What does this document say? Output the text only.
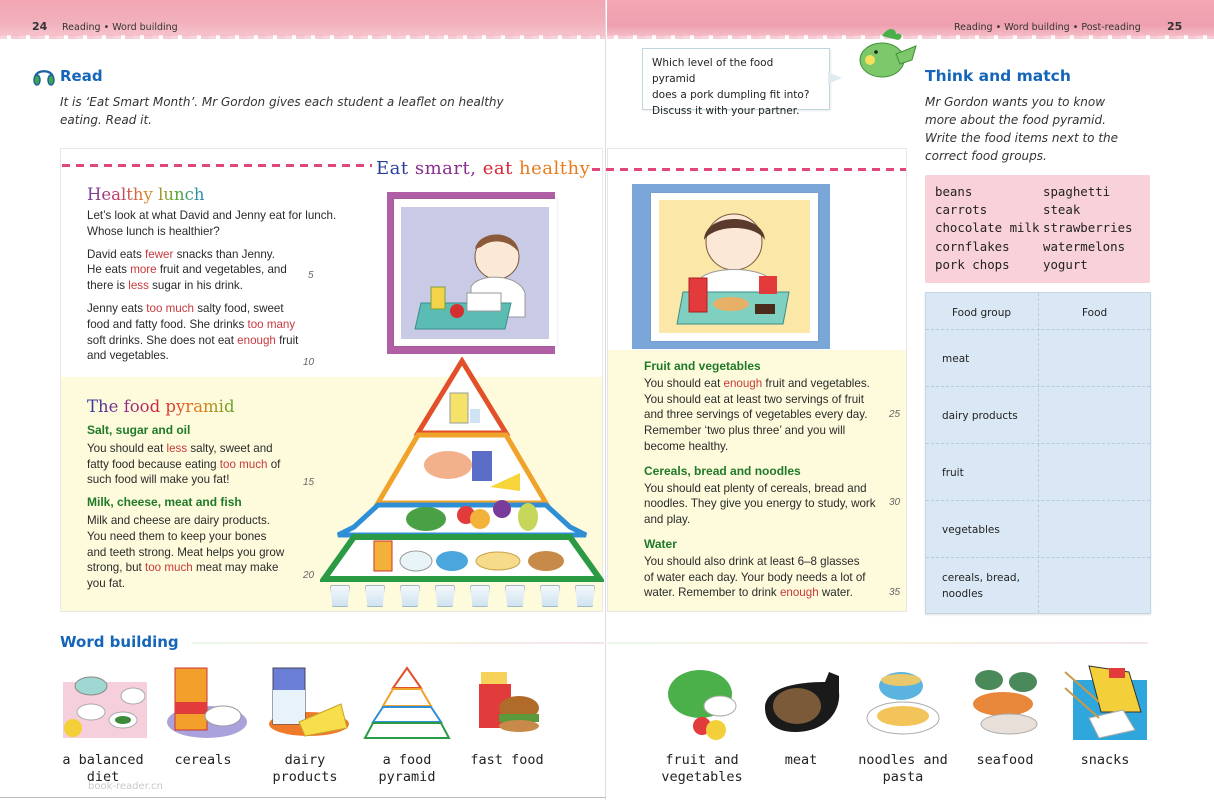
24 Reading • Word building
Read
It is ‘Eat Smart Month’. Mr Gordon gives each student a leaflet on healthy
eating. Read it.
Reading • Word building • Post-reading 25
Which level of the food pyramid
does a pork dumpling fit into?
Discuss it with your partner.
Think and match
Mr Gordon wants you to know
more about the food pyramid.
Write the food items next to the
correct food groups.
beans	spaghetti
carrots	steak
chocolate milk strawberries
cornflakes	watermelons
pork chops	yogurt
Food group	Food
meat
dairy products
fruit
vegetables
cereals, bread,
noodles
Eat smart, eat healthy
Healthy lunch

Let’s look at what David and Jenny eat for lunch.
Whose lunch is healthier?

David eats fewer snacks than Jenny.
He eats more fruit and vegetables, and
there is less sugar in his drink.

Jenny eats too much salty food, sweet
food and fatty food. She drinks too many
soft drinks. She does not eat enough fruit
and vegetables.

5
10
The food pyramid
Salt, sugar and oil

You should eat less salty, sweet and
fatty food because eating too much of
such food will make you fat!

Milk, cheese, meat and fish

Milk and cheese are dairy products.
You need them to keep your bones
and teeth strong. Meat helps you grow
strong, but too much meat may make
you fat.

15
20
Fruit and vegetables

You should eat enough fruit and vegetables.
You should eat at least two servings of fruit
and three servings of vegetables every day.
Remember ‘two plus three’ and you will
become healthy.

Cereals, bread and noodles

You should eat plenty of cereals, bread and
noodles. They give you energy to study, work
and play.

Water

You should also drink at least 6–8 glasses
of water each day. Your body needs a lot of
water. Remember to drink enough water.

25
30
35
Word building
a balanced
diet
cereals	dairy products
a food
pyramid
fast food	fruit and
vegetables
meat	noodles and
pasta
seafood	snacks
book-reader.cn
